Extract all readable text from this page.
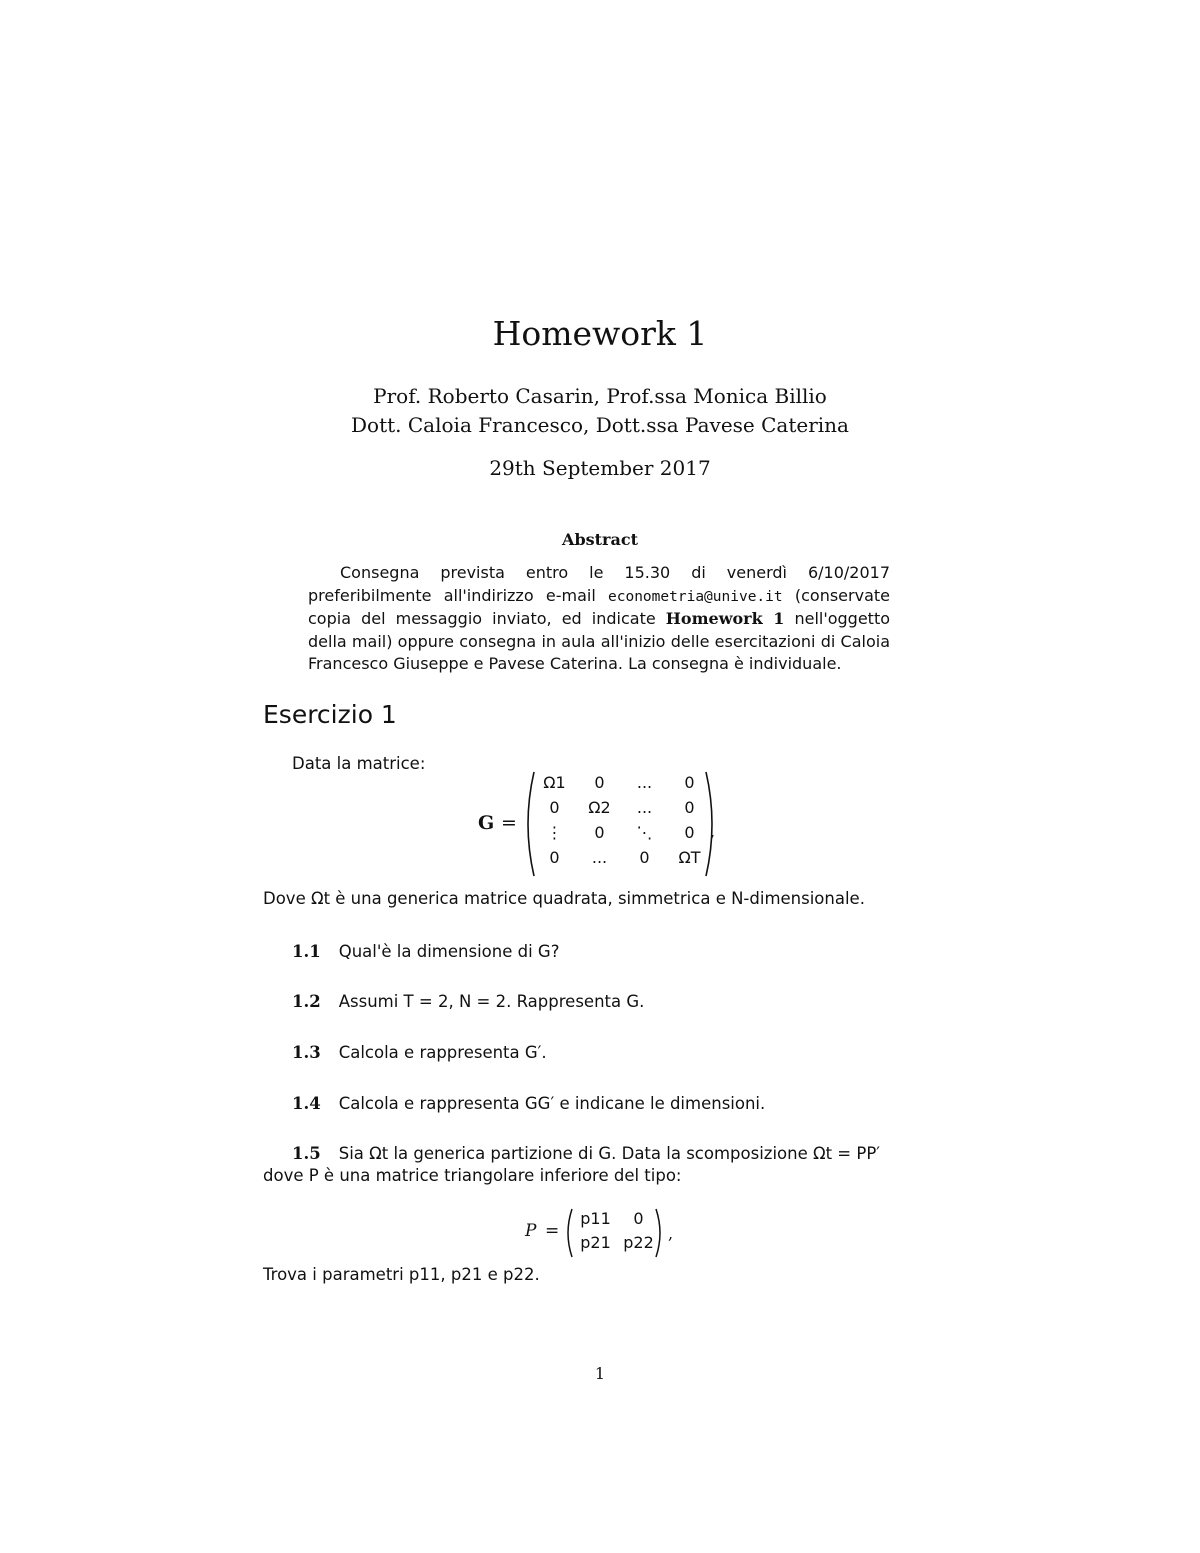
Homework 1
Prof. Roberto Casarin, Prof.ssa Monica Billio
Dott. Caloia Francesco, Dott.ssa Pavese Caterina
29th September 2017
Abstract
Consegna prevista entro le 15.30 di venerdì 6/10/2017 preferibilmente all'indirizzo e-mail econometria@unive.it (conservate copia del messaggio inviato, ed indicate Homework 1 nell'oggetto della mail) oppure consegna in aula all'inizio delle esercitazioni di Caloia Francesco Giuseppe e Pavese Caterina. La consegna è individuale.
Esercizio 1
Data la matrice:
G =	,
Ω1	0	...	0
0	Ω2	...	0
⋮	0	⋱	0
0	...	0	ΩT
Dove Ωt è una generica matrice quadrata, simmetrica e N-dimensionale.
1.1 Qual'è la dimensione di G?
1.2 Assumi T = 2, N = 2. Rappresenta G.
1.3 Calcola e rappresenta G′.
1.4 Calcola e rappresenta GG′ e indicane le dimensioni.
1.5 Sia Ωt la generica partizione di G. Data la scomposizione Ωt = PP′
dove P è una matrice triangolare inferiore del tipo:
P =	,
p11	0
p21 p22
Trova i parametri p11, p21 e p22.
1
